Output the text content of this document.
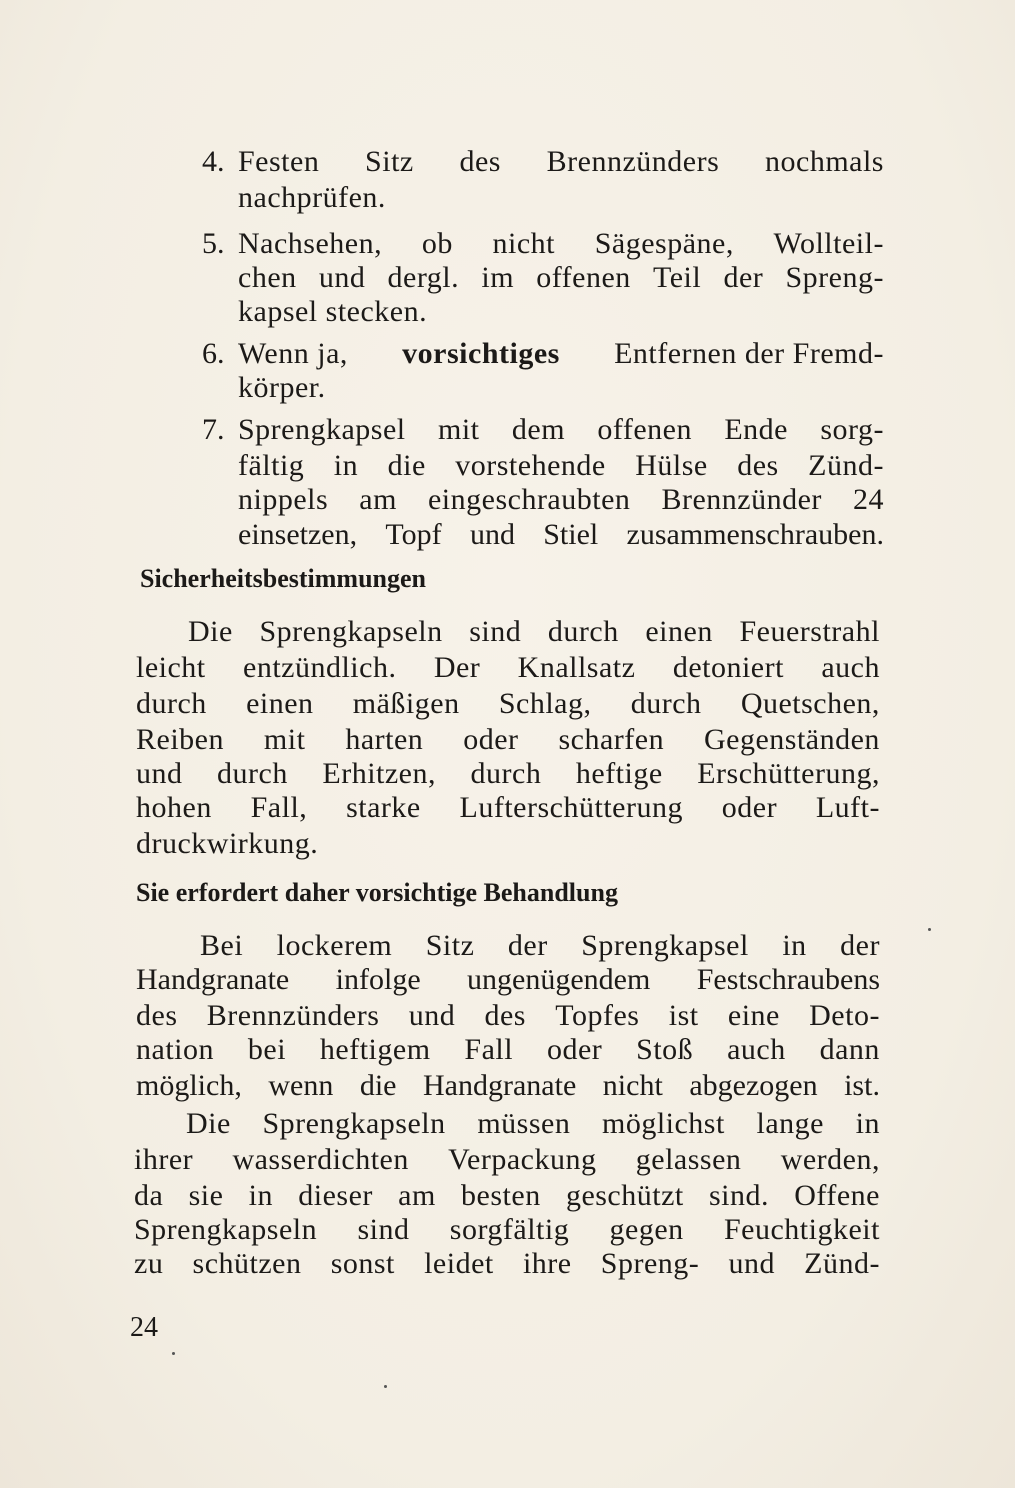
4. Festen Sitz des Brennzünders nochmals
nachprüfen.
5. Nachsehen, ob nicht Sägespäne, Wollteil-
chen und dergl. im offenen Teil der Spreng-
kapsel stecken.
6. Wenn ja, vorsichtiges Entfernen der Fremd-
körper.
7. Sprengkapsel mit dem offenen Ende sorg-
fältig in die vorstehende Hülse des Zünd-
nippels am eingeschraubten Brennzünder 24
einsetzen, Topf und Stiel zusammenschrauben.
Sicherheitsbestimmungen
Die Sprengkapseln sind durch einen Feuerstrahl
leicht entzündlich. Der Knallsatz detoniert auch
durch einen mäßigen Schlag, durch Quetschen,
Reiben mit harten oder scharfen Gegenständen
und durch Erhitzen, durch heftige Erschütterung,
hohen Fall, starke Lufterschütterung oder Luft-
druckwirkung.
Sie erfordert daher vorsichtige Behandlung
Bei lockerem Sitz der Sprengkapsel in der
Handgranate infolge ungenügendem Festschraubens
des Brennzünders und des Topfes ist eine Deto-
nation bei heftigem Fall oder Stoß auch dann
möglich, wenn die Handgranate nicht abgezogen ist.
Die Sprengkapseln müssen möglichst lange in
ihrer wasserdichten Verpackung gelassen werden,
da sie in dieser am besten geschützt sind. Offene
Sprengkapseln sind sorgfältig gegen Feuchtigkeit
zu schützen sonst leidet ihre Spreng- und Zünd-
24
